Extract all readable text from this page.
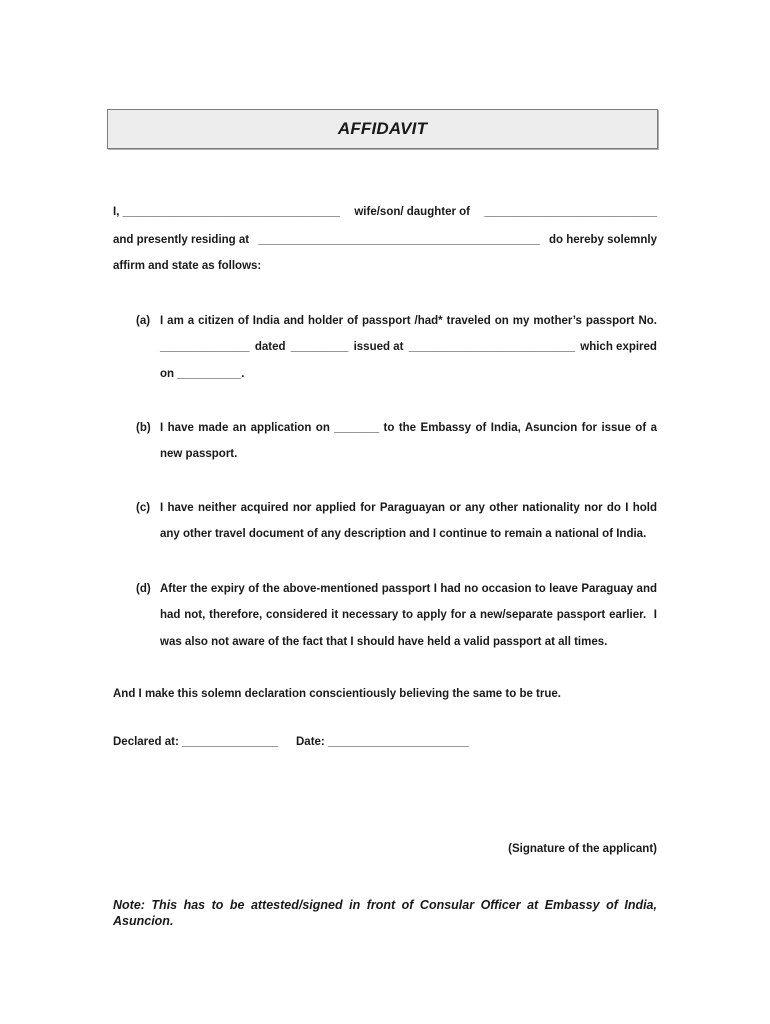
AFFIDAVIT
I, __________________________________ wife/son/ daughter of ___________________________
and presently residing at ____________________________________________ do hereby solemnly
affirm and state as follows:
(a) I am a citizen of India and holder of passport /had* traveled on my mother’s passport No.
______________ dated _________ issued at __________________________ which expired
on __________.
(b) I have made an application on _______ to the Embassy of India, Asuncion for issue of a
new passport.
(c) I have neither acquired nor applied for Paraguayan or any other nationality nor do I hold
any other travel document of any description and I continue to remain a national of India.
(d) After the expiry of the above-mentioned passport I had no occasion to leave Paraguay and
had not, therefore, considered it necessary to apply for a new/separate passport earlier.  I
was also not aware of the fact that I should have held a valid passport at all times.
And I make this solemn declaration conscientiously believing the same to be true.
Declared at: _______________ Date: ______________________
(Signature of the applicant)
Note: This has to be attested/signed in front of Consular Officer at Embassy of India,
Asuncion.
